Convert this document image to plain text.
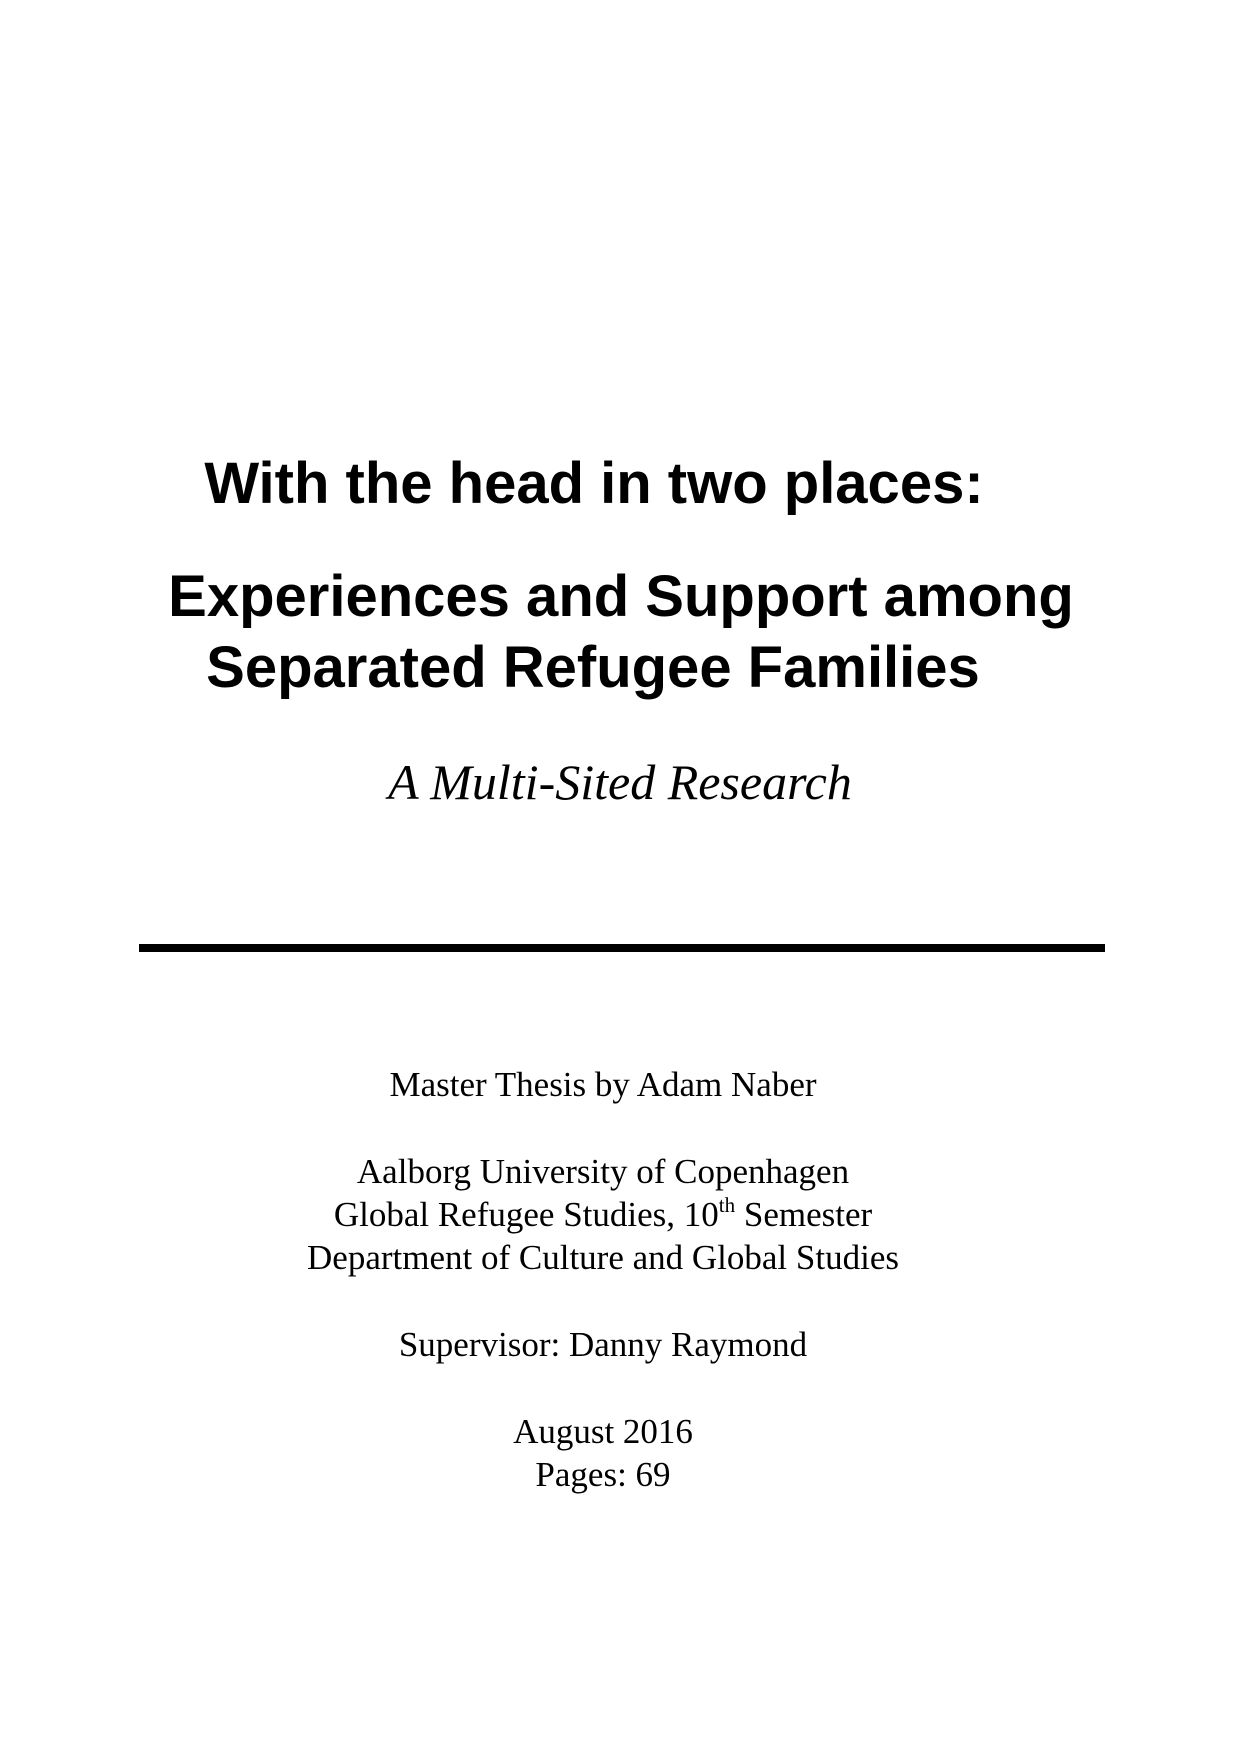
With the head in two places:
Experiences and Support among
Separated Refugee Families
A Multi-Sited Research
Master Thesis by Adam Naber
Aalborg University of Copenhagen
Global Refugee Studies, 10th Semester
Department of Culture and Global Studies
Supervisor: Danny Raymond
August 2016
Pages: 69
